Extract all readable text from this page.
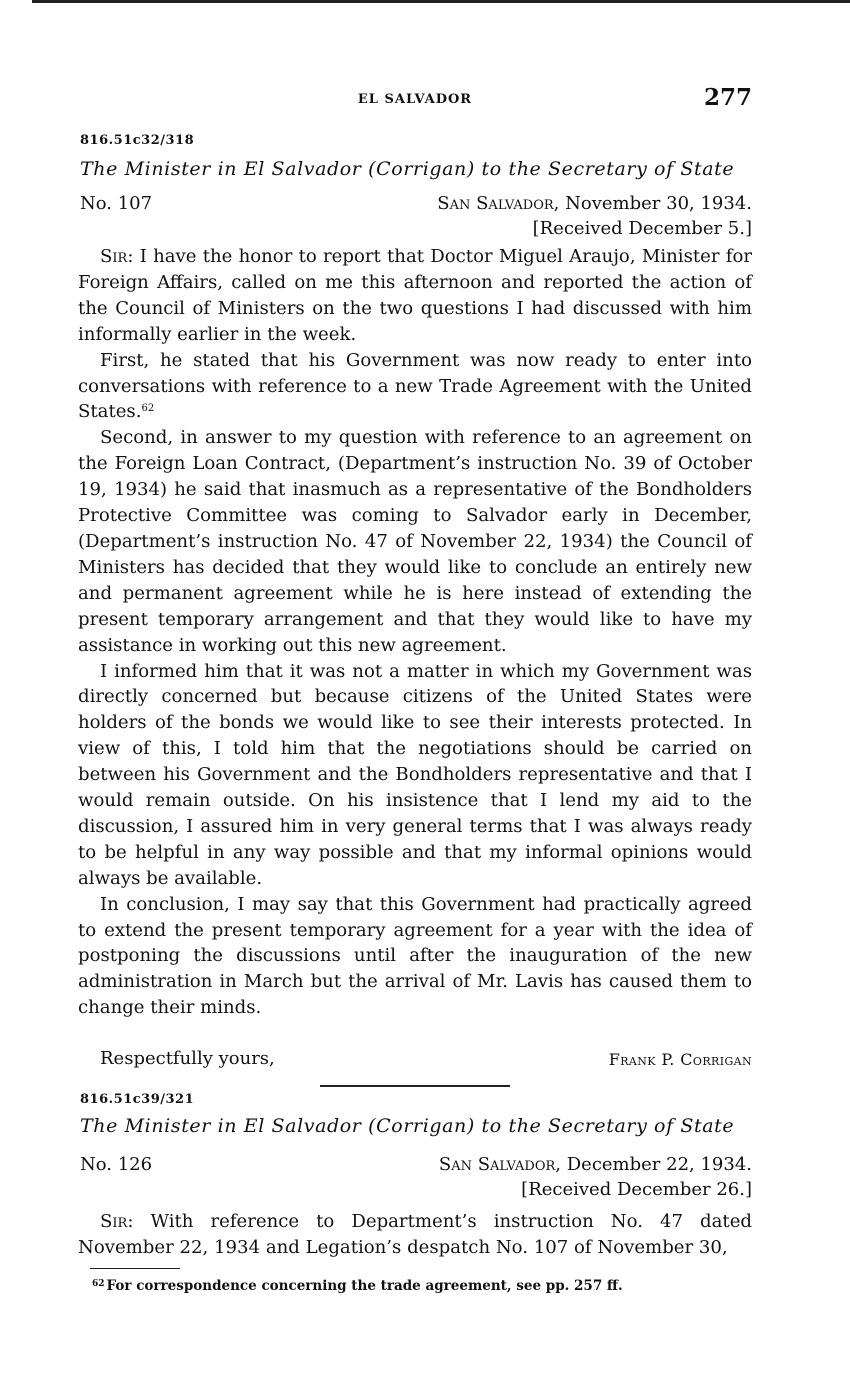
EL SALVADOR	277
816.51c32/318
The Minister in El Salvador (Corrigan) to the Secretary of State
No. 107	San Salvador, November 30, 1934.
[Received December 5.]

Sir: I have the honor to report that Doctor Miguel Araujo, Minister for Foreign Affairs, called on me this afternoon and reported the action of the Council of Ministers on the two questions I had discussed with him informally earlier in the week.

First, he stated that his Government was now ready to enter into conversations with reference to a new Trade Agreement with the United States.$^{62}$

Second, in answer to my question with reference to an agreement on the Foreign Loan Contract, (Department’s instruction No. 39 of October 19, 1934) he said that inasmuch as a representative of the Bondholders Protective Committee was coming to Salvador early in December, (Department’s instruction No. 47 of November 22, 1934) the Council of Ministers has decided that they would like to conclude an entirely new and permanent agreement while he is here instead of extending the present temporary arrangement and that they would like to have my assistance in working out this new agreement.

I informed him that it was not a matter in which my Government was directly concerned but because citizens of the United States were holders of the bonds we would like to see their interests protected. In view of this, I told him that the negotiations should be carried on between his Government and the Bondholders representative and that I would remain outside. On his insistence that I lend my aid to the discussion, I assured him in very general terms that I was always ready to be helpful in any way possible and that my informal opinions would always be available.

In conclusion, I may say that this Government had practically agreed to extend the present temporary agreement for a year with the idea of postponing the discussions until after the inauguration of the new administration in March but the arrival of Mr. Lavis has caused them to change their minds.

Respectfully yours,	Frank P. Corrigan
816.51c39/321
The Minister in El Salvador (Corrigan) to the Secretary of State
No. 126	San Salvador, December 22, 1934.
[Received December 26.]

Sir: With reference to Department’s instruction No. 47 dated November 22, 1934 and Legation’s despatch No. 107 of November 30,

$^{62}$ For correspondence concerning the trade agreement, see pp. 257 ff.
